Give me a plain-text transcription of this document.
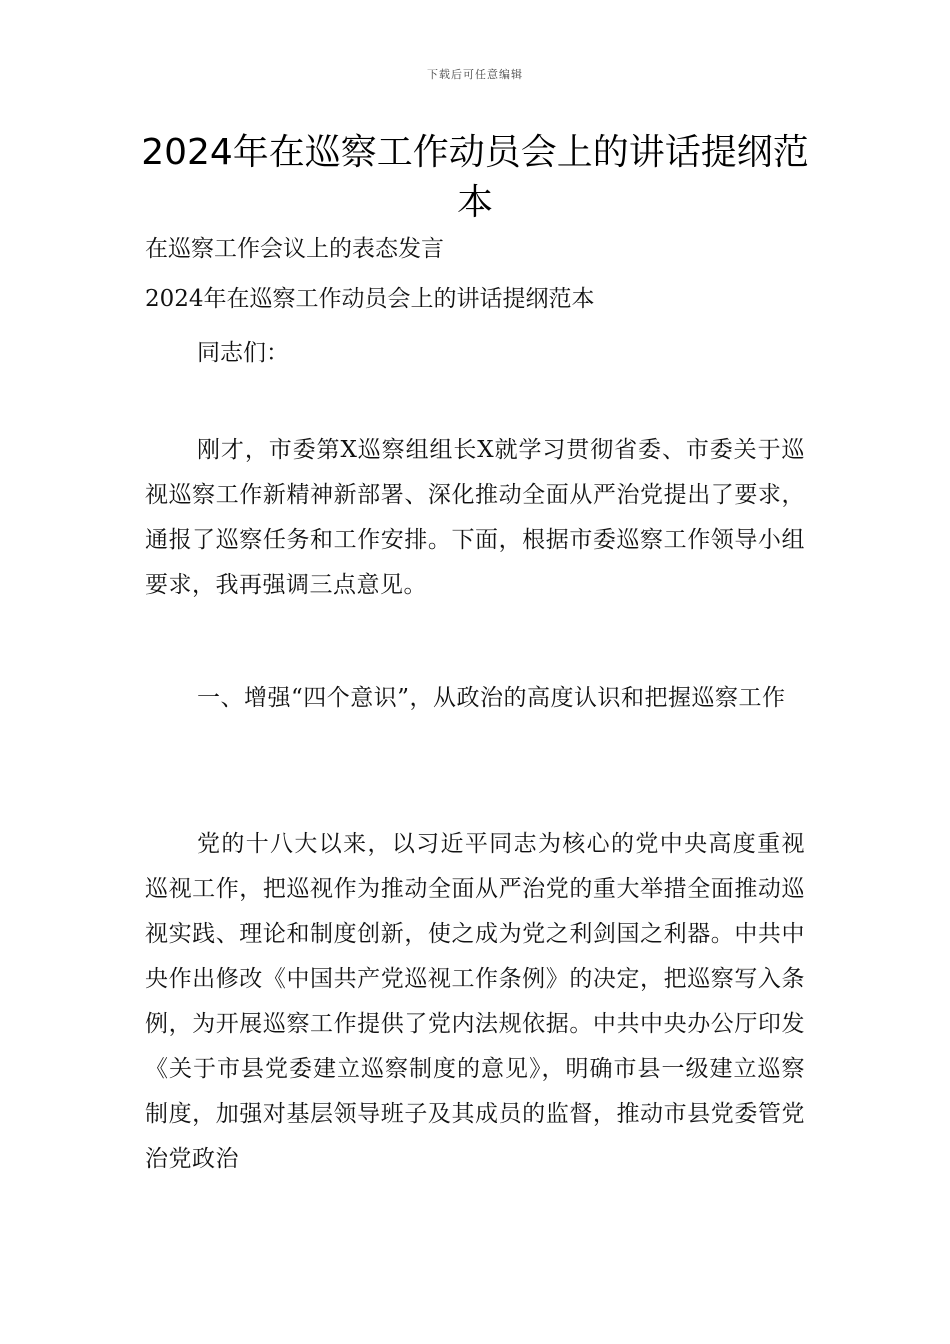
下载后可任意编辑
2024年在巡察工作动员会上的讲话提纲范本

在巡察工作会议上的表态发言

2024年在巡察工作动员会上的讲话提纲范本

同志们：

刚才，市委第X巡察组组长X就学习贯彻省委、市委关于巡视巡察工作新精神新部署、深化推动全面从严治党提出了要求，通报了巡察任务和工作安排。下面，根据市委巡察工作领导小组要求，我再强调三点意见。

一、增强“四个意识”，从政治的高度认识和把握巡察工作

党的十八大以来，以习近平同志为核心的党中央高度重视巡视工作，把巡视作为推动全面从严治党的重大举措全面推动巡视实践、理论和制度创新，使之成为党之利剑国之利器。中共中央作出修改《中国共产党巡视工作条例》的决定，把巡察写入条例，为开展巡察工作提供了党内法规依据。中共中央办公厅印发《关于市县党委建立巡察制度的意见》，明确市县一级建立巡察制度，加强对基层领导班子及其成员的监督，推动市县党委管党治党政治
